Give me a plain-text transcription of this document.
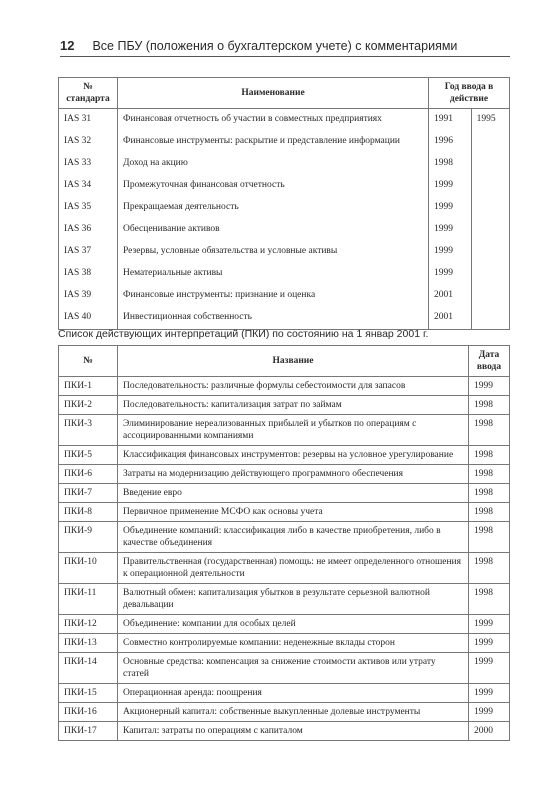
12 Все ПБУ (положения о бухгалтерском учете) с комментариями
№ стандарта	Наименование	Год ввода в действие	
IAS 31	Финансовая отчетность об участии в совместных предприятиях	1991	1995
IAS 32	Финансовые инструменты: раскрытие и представление информации	1996	
IAS 33	Доход на акцию	1998	
IAS 34	Промежуточная финансовая отчетность	1999	
IAS 35	Прекращаемая деятельность	1999	
IAS 36	Обесценивание активов	1999	
IAS 37	Резервы, условные обязательства и условные активы	1999	
IAS 38	Нематериальные активы	1999	
IAS 39	Финансовые инструменты: признание и оценка	2001	
IAS 40	Инвестиционная собственность	2001	
Список действующих интерпретаций (ПКИ) по состоянию на 1 январ 2001 г.
№	Название	Дата ввода
ПКИ-1	Последовательность: различные формулы себестоимости для запасов	1999
ПКИ-2	Последовательность: капитализация затрат по займам	1998
ПКИ-3	Элиминирование нереализованных прибылей и убытков по операциям с ассоциированными компаниями	1998
ПКИ-5	Классификация финансовых инструментов: резервы на условное урегулирование	1998
ПКИ-6	Затраты на модернизацию действующего программного обеспечения	1998
ПКИ-7	Введение евро	1998
ПКИ-8	Первичное применение МСФО как основы учета	1998
ПКИ-9	Объединение компаний: классификация либо в качестве приобретения, либо в качестве объединения	1998
ПКИ-10	Правительственная (государственная) помощь: не имеет определенного отношения к операционной деятельности	1998
ПКИ-11	Валютный обмен: капитализация убытков в результате серьезной валютной девальвации	1998
ПКИ-12	Объединение: компании для особых целей	1999
ПКИ-13	Совместно контролируемые компании: неденежные вклады сторон	1999
ПКИ-14	Основные средства: компенсация за снижение стоимости активов или утрату статей	1999
ПКИ-15	Операционная аренда: поощрения	1999
ПКИ-16	Акционерный капитал: собственные выкупленные долевые инструменты	1999
ПКИ-17	Капитал: затраты по операциям с капиталом	2000
